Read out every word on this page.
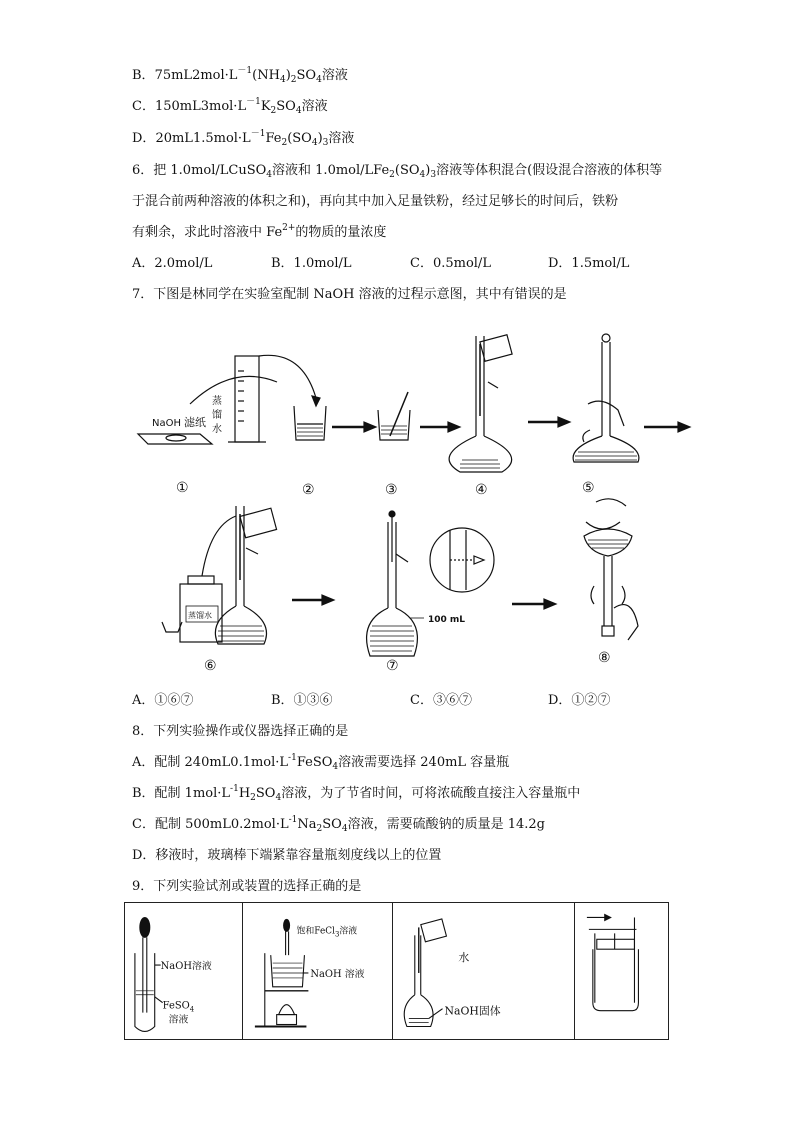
B．$75mL2mol\cdot L^{-1}(NH_4)_2SO_4$溶液
C．$150mL3mol\cdot L^{-1}K_2SO_4$溶液
D．$20mL1.5mol\cdot L^{-1}Fe_2(SO_4)_3$溶液
6．把 1.0mol/LCuSO$_4$溶液和 $1.0mol/LFe_2(SO_4)_3$溶液等体积混合(假设混合溶液的体积等
于混合前两种溶液的体积之和)，再向其中加入足量铁粉，经过足够长的时间后，铁粉
有剩余，求此时溶液中 $Fe^{2+}$的物质的量浓度
A．2.0mol/L	B．1.0mol/L	C．0.5mol/L	D．1.5mol/L
7．下图是林同学在实验室配制 NaOH 溶液的过程示意图，其中有错误的是
NaOH 滤纸
蒸
馏
水
①	②	③	④	⑤
蒸馏水
⑥
100 mL
⑦	⑧
A．①⑥⑦	B．①③⑥	C．③⑥⑦	D．①②⑦
8．下列实验操作或仪器选择正确的是
A．配制 $240mL0.1mol\cdot L^{-1}FeSO_4$溶液需要选择 240mL 容量瓶
B．配制 $1mol\cdot L^{-1}H_2SO_4$溶液，为了节省时间，可将浓硫酸直接注入容量瓶中
C．配制 $500mL0.2mol\cdot L^{-1}Na_2SO_4$溶液，需要硫酸钠的质量是 14.2g
D．移液时，玻璃棒下端紧靠容量瓶刻度线以上的位置
9．下列实验试剂或装置的选择正确的是
NaOH溶液
FeSO$_4$
溶液

饱和FeCl$_3$溶液
NaOH 溶液

水
NaOH固体
